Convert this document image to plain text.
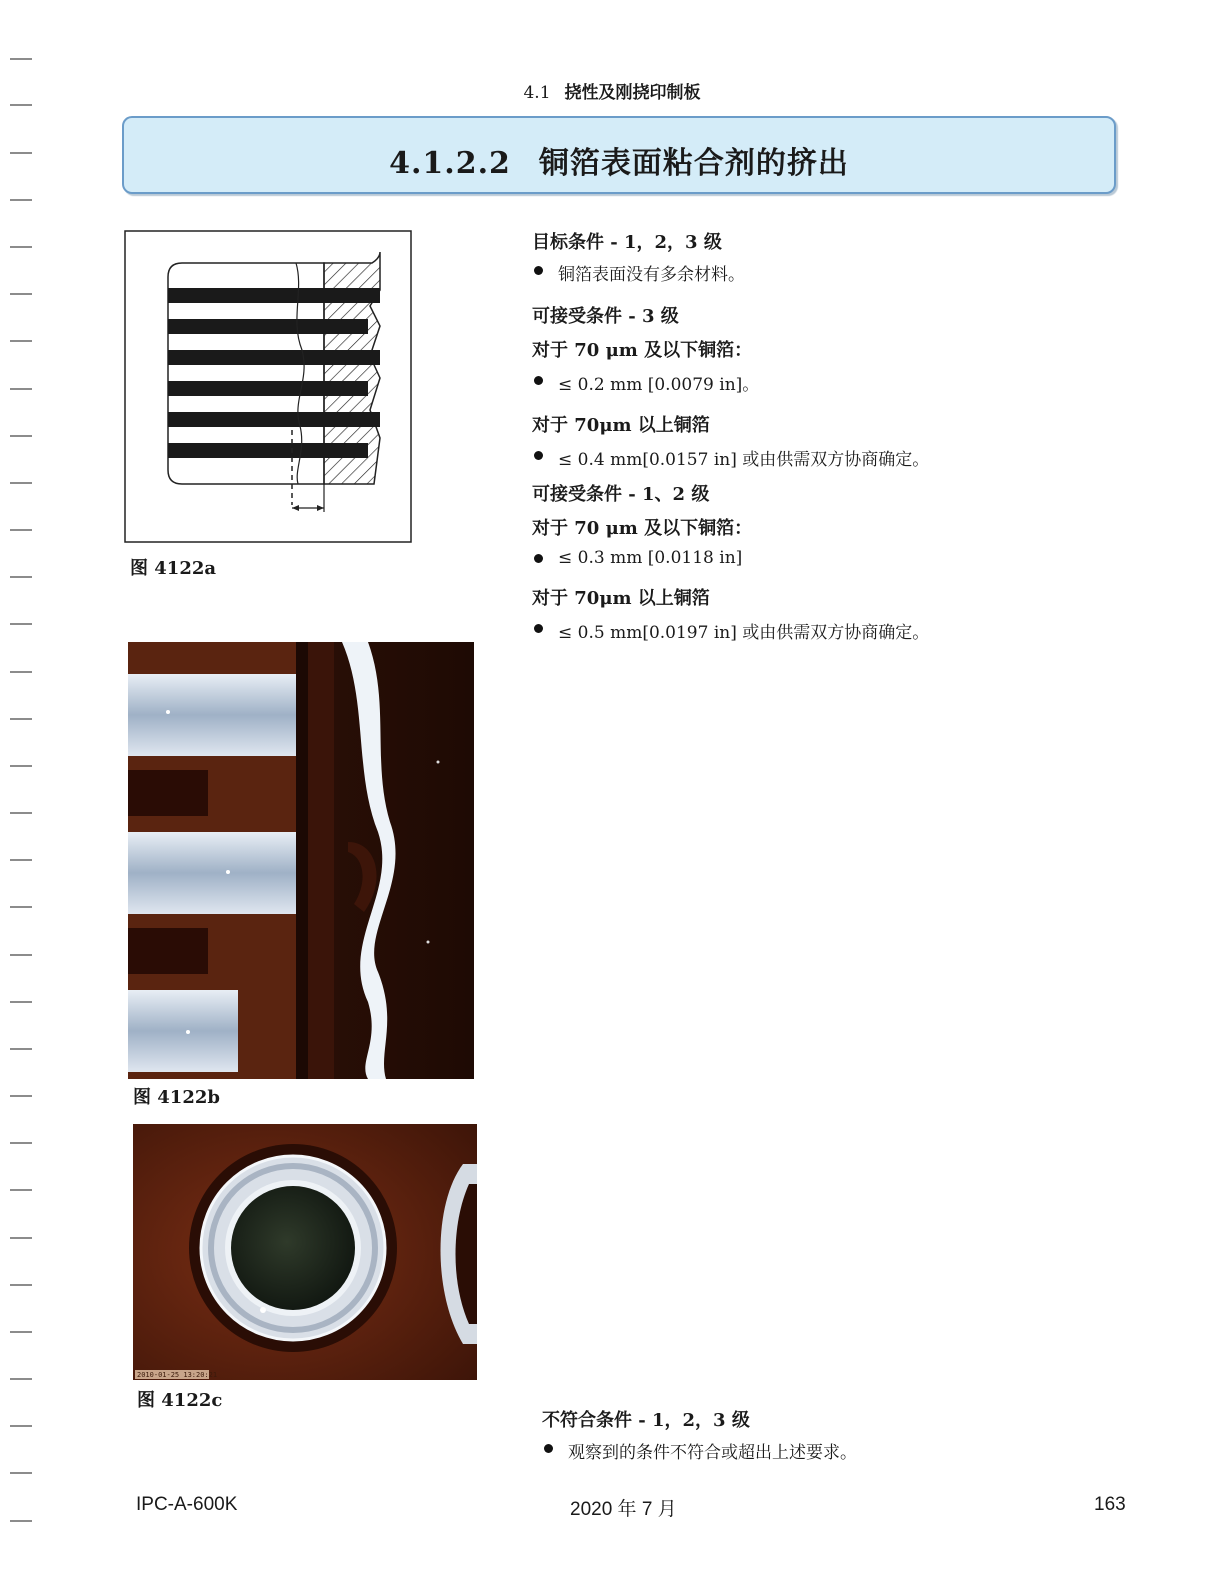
4.1 挠性及刚挠印制板
4.1.2.2 铜箔表面粘合剂的挤出
图 4122a
图 4122b
2010-01-25 13:20:21
图 4122c

目标条件 - 1，2，3 级

铜箔表面没有多余材料。

可接受条件 - 3 级

对于 70 μm 及以下铜箔：

≤ 0.2 mm [0.0079 in]。

对于 70μm 以上铜箔

≤ 0.4 mm[0.0157 in] 或由供需双方协商确定。

可接受条件 - 1、2 级

对于 70 μm 及以下铜箔：

≤ 0.3 mm [0.0118 in]

对于 70μm 以上铜箔

≤ 0.5 mm[0.0197 in] 或由供需双方协商确定。

不符合条件 - 1，2，3 级

观察到的条件不符合或超出上述要求。

IPC-A-600K	2020 年 7 月	163
